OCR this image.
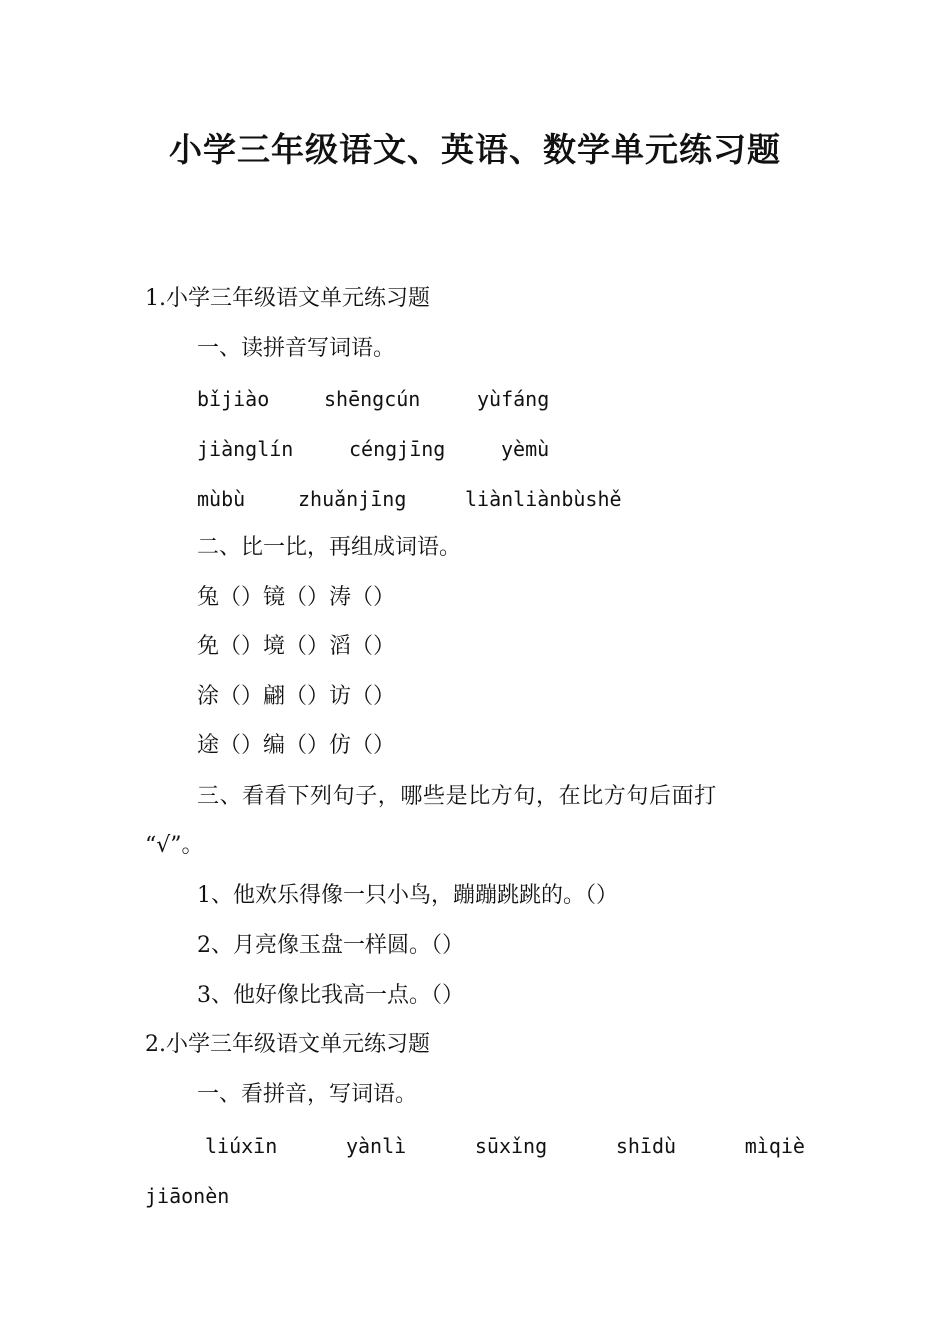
小学三年级语文、英语、数学单元练习题
1.小学三年级语文单元练习题
一、读拼音写词语。
bǐjiào	shēngcún	yùfáng
jiànglín	céngjīng	yèmù
mùbù	zhuǎnjīng	liànliànbùshě
二、比一比，再组成词语。
兔（）镜（）涛（）
免（）境（）滔（）
涂（）翩（）访（）
途（）编（）仿（）
三、看看下列句子，哪些是比方句，在比方句后面打
“√”。
1、他欢乐得像一只小鸟，蹦蹦跳跳的。（）
2、月亮像玉盘一样圆。（）
3、他好像比我高一点。（）
2.小学三年级语文单元练习题
一、看拼音，写词语。
liúxīn	yànlì	sūxǐng	shīdù	mìqiè
jiāonèn
